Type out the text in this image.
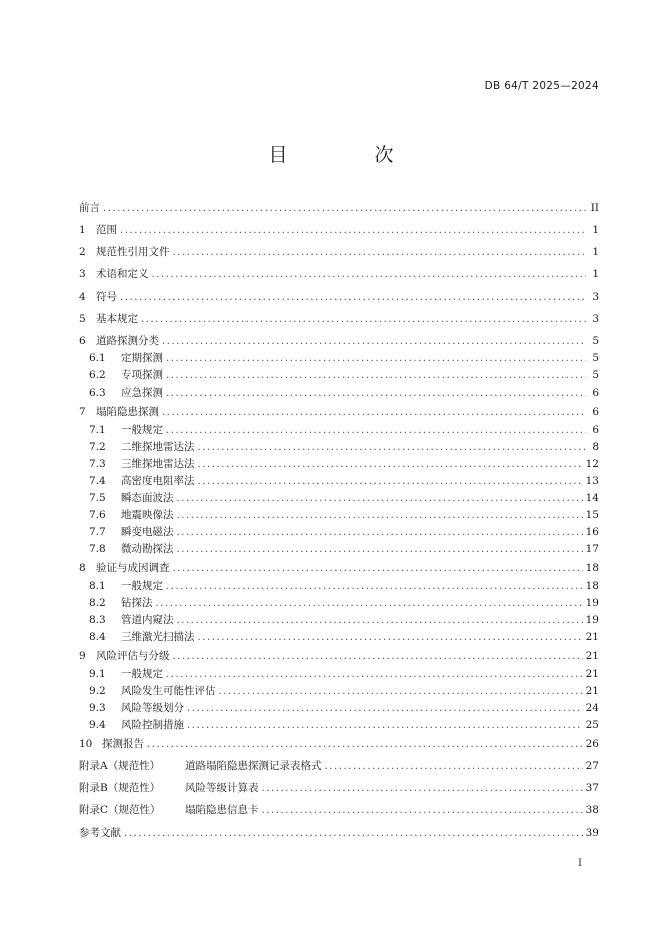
DB 64/T 2025—2024
目　次
前言 . . .	II
1 范围 . . .	1
2 规范性引用文件 . . .	1
3 术语和定义 . . .	1
4 符号 . . .	3
5 基本规定 . . .	3
6 道路探测分类 . . .	5
6.1	定期探测 . . .	5
6.2	专项探测 . . .	5
6.3	应急探测 . . .	6
7 塌陷隐患探测 . . .	6
7.1	一般规定 . . .	6
7.2	二维探地雷达法 . . .	8
7.3	三维探地雷达法 . . .	12
7.4	高密度电阻率法 . . .	13
7.5	瞬态面波法 . . .	14
7.6	地震映像法 . . .	15
7.7	瞬变电磁法 . . .	16
7.8	微动勘探法 . . .	17
8 验证与成因调查 . . .	18
8.1	一般规定 . . .	18
8.2	钻探法 . . .	19
8.3	管道内窥法 . . .	19
8.4	三维激光扫描法 . . .	21
9 风险评估与分级 . . .	21
9.1	一般规定 . . .	21
9.2	风险发生可能性评估 . . .	21
9.3	风险等级划分 . . .	24
9.4	风险控制措施 . . .	25
10 探测报告 . . .	26
附录A（规范性）	道路塌陷隐患探测记录表格式 . . .	27
附录B（规范性）	风险等级计算表 . . .	37
附录C（规范性）	塌陷隐患信息卡 . . .	38
参考文献 . . .	39
I
